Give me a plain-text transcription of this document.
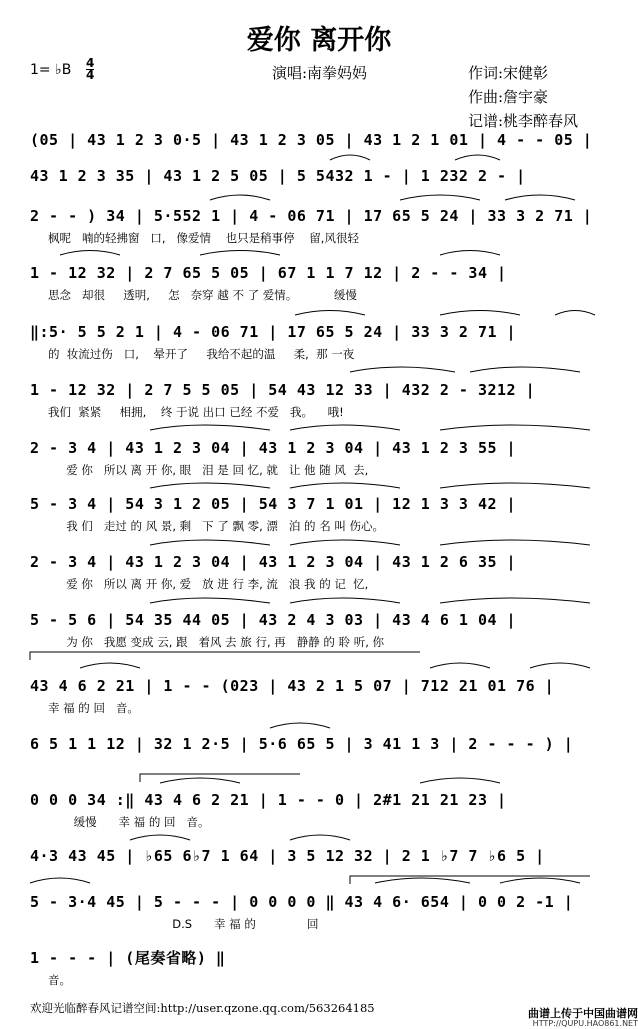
爱你 离开你
1= ♭B 4
4	演唱:南拳妈妈	作词:宋健彰
作曲:詹宇豪
记谱:桃李醉春风
(05 | 43 1 2 3 0·5 | 43 1 2 3 05 | 43 1 2 1 01 | 4 - - 05 |
43 1 2 3 35 | 43 1 2 5 05 | 5 5432 1 - | 1 232 2 - |
2 - - ) 34 | 5·552 1 | 4 - 06 71 | 17 65 5 24 | 33 3 2 71 |
枫呢   喃的轻拂窗   口,   像爱情    也只是稍事停    留,风很轻
1 - 12 32 | 2 7 65 5 05 | 67 1 1 7 12 | 2 - - 34 |
思念   却很     透明,     怎   奈穿 越 不 了 爱情。          缓慢
‖:5· 5 5 2 1 | 4 - 06 71 | 17 65 5 24 | 33 3 2 71 |
的  妆流过伤   口,    晕开了     我给不起的温     柔,  那 一夜
1 - 12 32 | 2 7 5 5 05 | 54 43 12 33 | 432 2 - 3212 |
我们  紧紧     相拥,    终 于说 出口 已经 不爱   我。    哦!
2 - 3 4 | 43 1 2 3 04 | 43 1 2 3 04 | 43 1 2 3 55 |
爱 你   所以 离 开 你, 眼   泪 是 回 忆, 就   让 他 随 风  去,
5 - 3 4 | 54 3 1 2 05 | 54 3 7 1 01 | 12 1 3 3 42 |
我 们   走过 的 风 景, 剩   下 了 飘 零, 漂   泊 的 名 叫 伤心。
2 - 3 4 | 43 1 2 3 04 | 43 1 2 3 04 | 43 1 2 6 35 |
爱 你   所以 离 开 你, 爱   放 进 行 李, 流   浪 我 的 记  忆,
5 - 5 6 | 54 35 44 05 | 43 2 4 3 03 | 43 4 6 1 04 |
为 你   我愿 变成 云, 跟   着风 去 旅 行, 再   静静 的 聆 听, 你
43 4 6 2 21 | 1 - - (023 | 43 2 1 5 07 | 712 21 01 76 |
幸 福 的 回   音。
6 5 1 1 12 | 32 1 2·5 | 5·6 65 5 | 3 41 1 3 | 2 - - - ) |
0 0 0 34 :‖ 43 4 6 2 21 | 1 - - 0 | 2#1 21 21 23 |
缓慢      幸 福 的 回   音。
4·3 43 45 | ♭65 6♭7 1 64 | 3 5 12 32 | 2 1 ♭7 7 ♭6 5 |
5 - 3·4 45 | 5 - - - | 0 0 0 0 ‖ 43 4 6· 654 | 0 0 2 -1 |
D.S      幸 福 的              回
1 - - - | (尾奏省略) ‖
音。
欢迎光临醉春风记谱空间:http://user.qzone.qq.com/563264185	曲谱上传于中国曲谱网
HTTP://QUPU.HAO861.NET
